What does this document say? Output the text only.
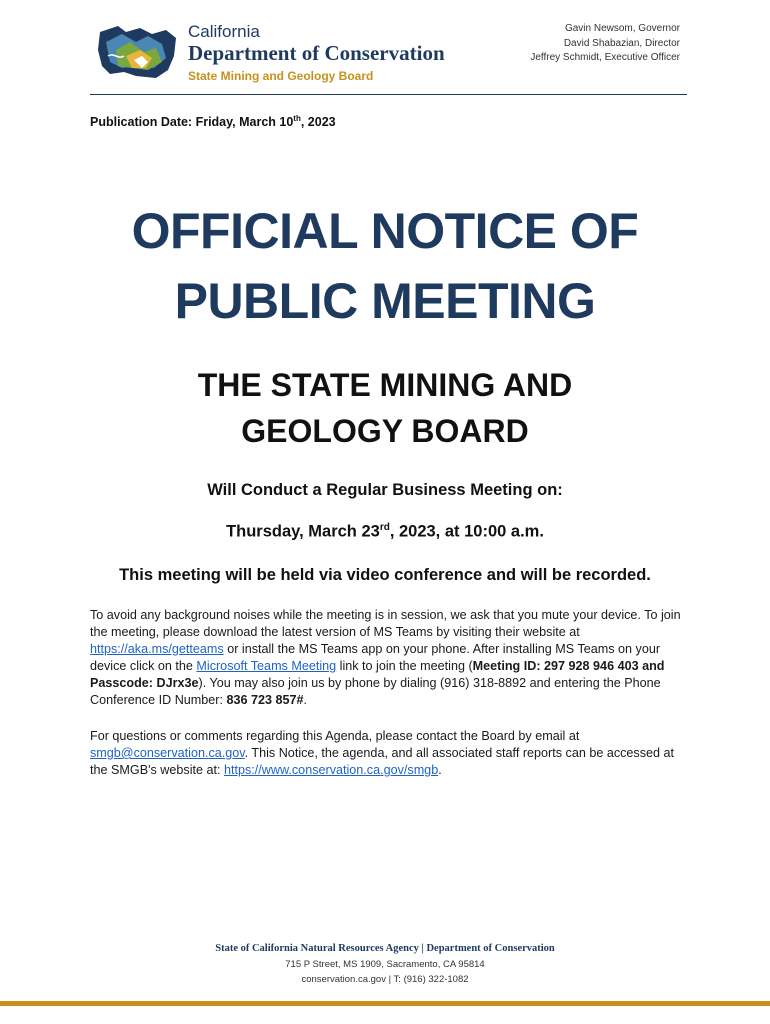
California
Department of Conservation
State Mining and Geology Board
Gavin Newsom, Governor
David Shabazian, Director
Jeffrey Schmidt, Executive Officer
Publication Date: Friday, March 10th, 2023
OFFICIAL NOTICE OF
PUBLIC MEETING
THE STATE MINING AND
GEOLOGY BOARD
Will Conduct a Regular Business Meeting on:
Thursday, March 23rd, 2023, at 10:00 a.m.
This meeting will be held via video conference and will be recorded.

To avoid any background noises while the meeting is in session, we ask that you mute your device. To join the meeting, please download the latest version of MS Teams by visiting their website at https://aka.ms/getteams or install the MS Teams app on your phone. After installing MS Teams on your device click on the Microsoft Teams Meeting link to join the meeting (Meeting ID: 297 928 946 403 and Passcode: DJrx3e). You may also join us by phone by dialing (916) 318-8892 and entering the Phone Conference ID Number: 836 723 857#.

For questions or comments regarding this Agenda, please contact the Board by email at smgb@conservation.ca.gov. This Notice, the agenda, and all associated staff reports can be accessed at the SMGB's website at: https://www.conservation.ca.gov/smgb.

State of California Natural Resources Agency | Department of Conservation
715 P Street, MS 1909, Sacramento, CA 95814
conservation.ca.gov | T: (916) 322-1082
